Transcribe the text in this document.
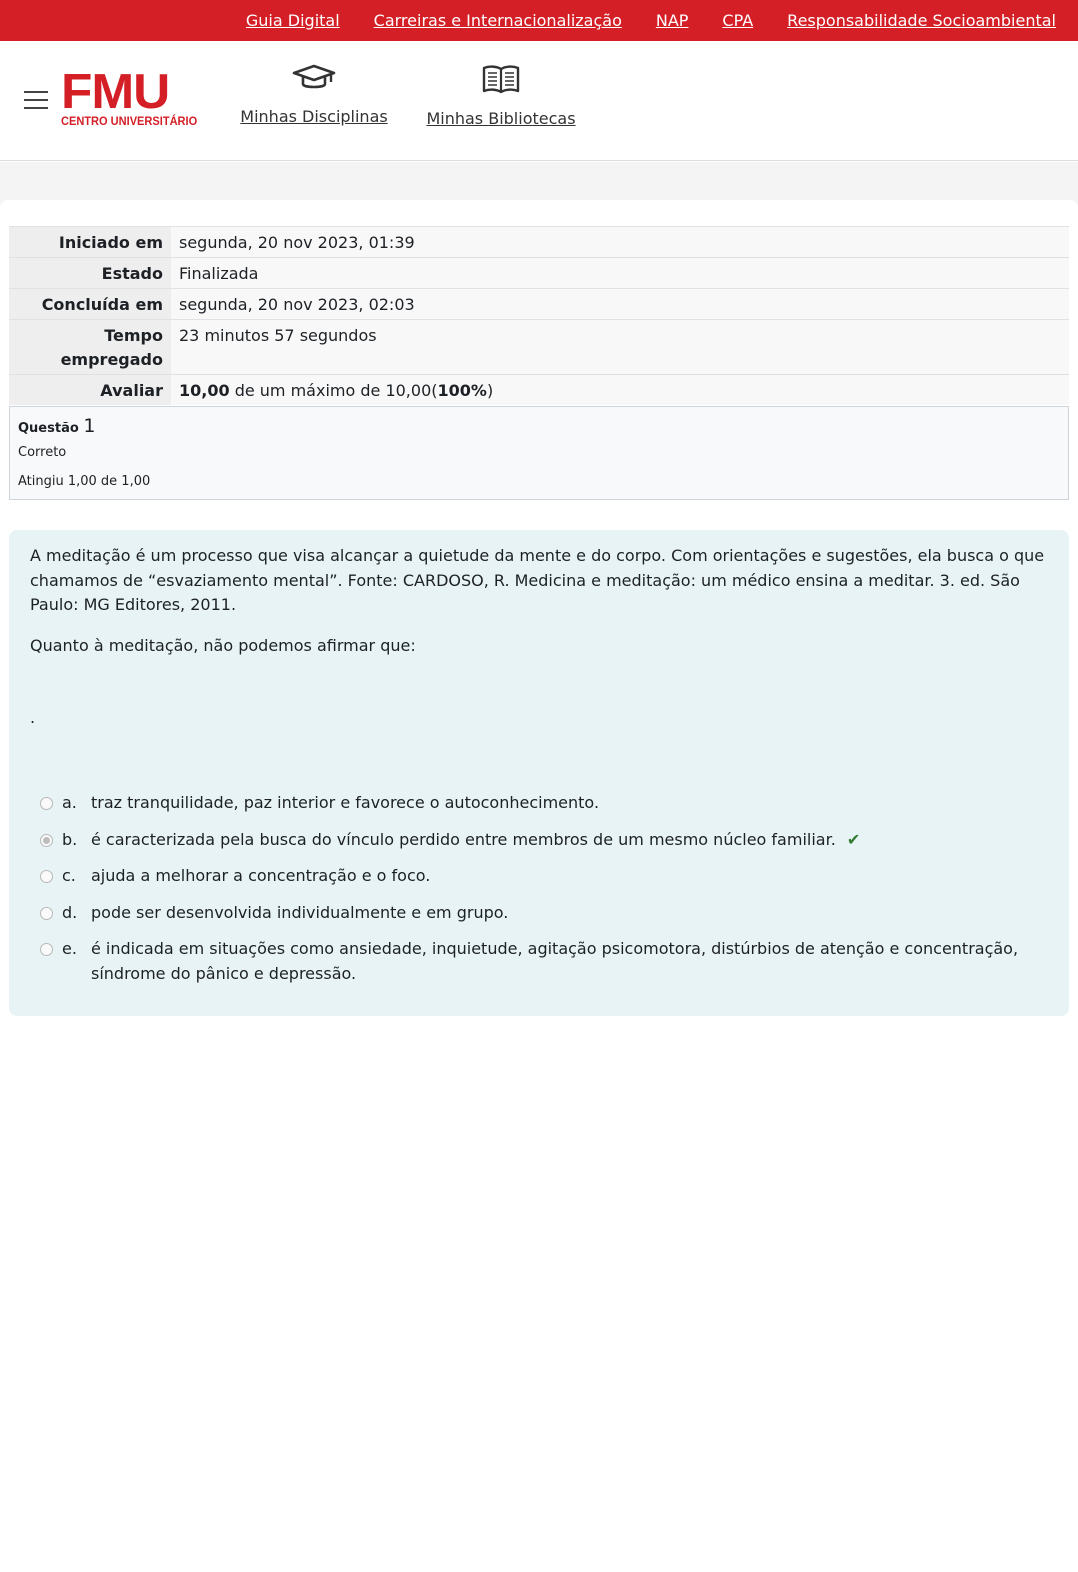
Guia Digital Carreiras e Internacionalização NAP CPA Responsabilidade Socioambiental
FMU
CENTRO UNIVERSITÁRIO	Minhas Disciplinas Minhas Bibliotecas
Iniciado em	segunda, 20 nov 2023, 01:39
Estado	Finalizada
Concluída em	segunda, 20 nov 2023, 02:03
Tempo empregado	23 minutos 57 segundos
Avaliar	10,00 de um máximo de 10,00(100%)
Questão 1
Correto
Atingiu 1,00 de 1,00

A meditação é um processo que visa alcançar a quietude da mente e do corpo. Com orientações e sugestões, ela busca o que chamamos de “esvaziamento mental”. Fonte: CARDOSO, R. Medicina e meditação: um médico ensina a meditar. 3. ed. São Paulo: MG Editores, 2011.

Quanto à meditação, não podemos afirmar que:

.

a. traz tranquilidade, paz interior e favorece o autoconhecimento.
b. é caracterizada pela busca do vínculo perdido entre membros de um mesmo núcleo familiar. ✔
c. ajuda a melhorar a concentração e o foco.
d. pode ser desenvolvida individualmente e em grupo.
e. é indicada em situações como ansiedade, inquietude, agitação psicomotora, distúrbios de atenção e concentração, síndrome do pânico e depressão.
